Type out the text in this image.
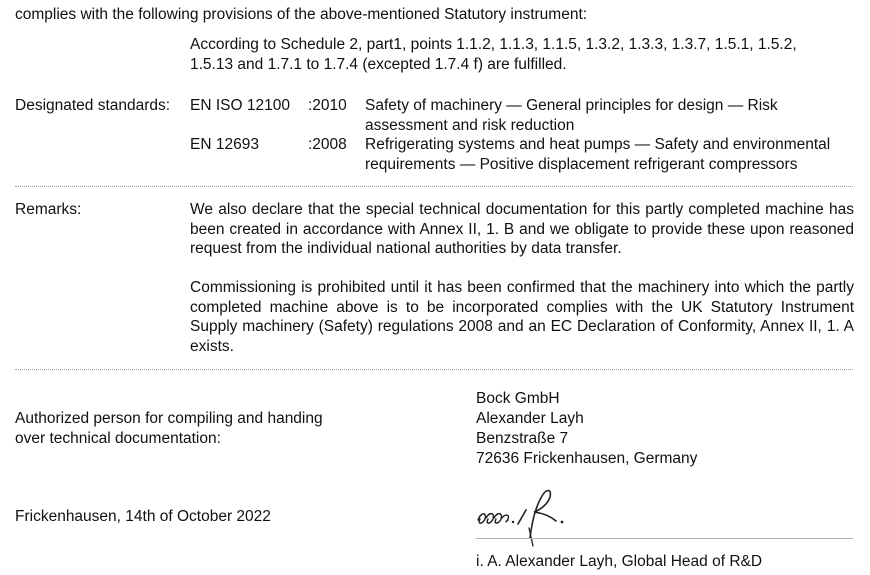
complies with the following provisions of the above-mentioned Statutory instrument:
According to Schedule 2, part1, points 1.1.2, 1.1.3, 1.1.5, 1.3.2, 1.3.3, 1.3.7, 1.5.1, 1.5.2,
1.5.13 and 1.7.1 to 1.7.4 (excepted 1.7.4 f) are fulfilled.
Designated standards: EN ISO 12100 :2010 Safety of machinery — General principles for design — Risk
assessment and risk reduction
EN 12693	:2008 Refrigerating systems and heat pumps — Safety and environmental
requirements — Positive displacement refrigerant compressors
Remarks:	We also declare that the special technical documentation for this partly completed machine has been created in accordance with Annex II, 1. B and we obligate to provide these upon reasoned request from the individual national authorities by data transfer.
Commissioning is prohibited until it has been confirmed that the machinery into which the partly completed machine above is to be incorporated complies with the UK Statutory Instrument Supply machinery (Safety) regulations 2008 and an EC Declaration of Conformity, Annex II, 1. A exists.
Bock GmbH
Alexander Layh
Benzstraße 7
72636 Frickenhausen, Germany
Authorized person for compiling and handing
over technical documentation:
Frickenhausen, 14th of October 2022
i. A. Alexander Layh, Global Head of R&D
